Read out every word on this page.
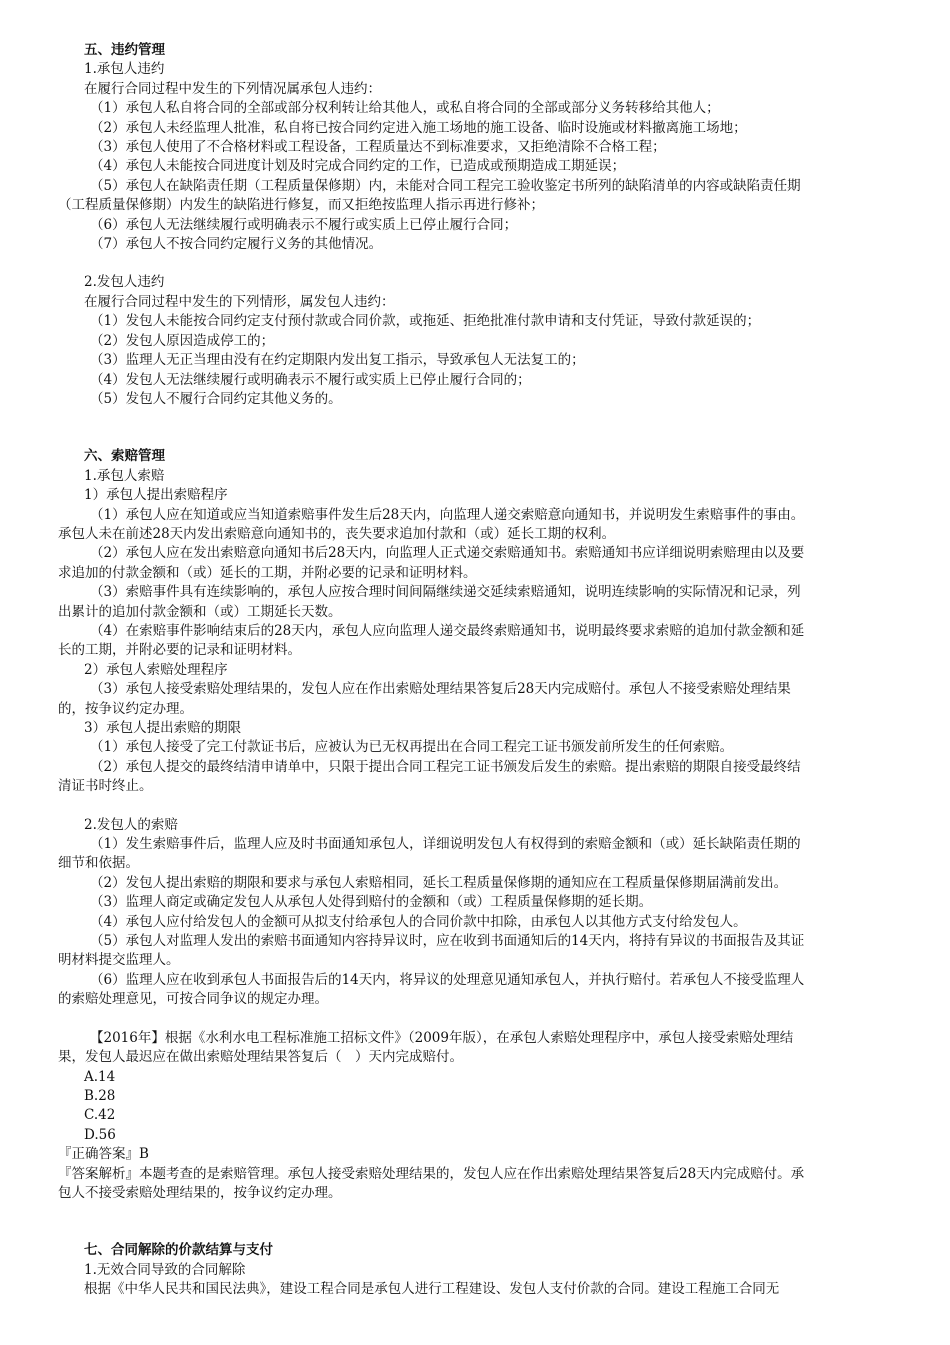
五、违约管理

1.承包人违约

在履行合同过程中发生的下列情况属承包人违约：

（1）承包人私自将合同的全部或部分权利转让给其他人，或私自将合同的全部或部分义务转移给其他人；

（2）承包人未经监理人批准，私自将已按合同约定进入施工场地的施工设备、临时设施或材料撤离施工场地；

（3）承包人使用了不合格材料或工程设备，工程质量达不到标准要求，又拒绝清除不合格工程；

（4）承包人未能按合同进度计划及时完成合同约定的工作，已造成或预期造成工期延误；

（5）承包人在缺陷责任期（工程质量保修期）内，未能对合同工程完工验收鉴定书所列的缺陷清单的内容或缺陷责任期

（工程质量保修期）内发生的缺陷进行修复，而又拒绝按监理人指示再进行修补；

（6）承包人无法继续履行或明确表示不履行或实质上已停止履行合同；

（7）承包人不按合同约定履行义务的其他情况。

2.发包人违约

在履行合同过程中发生的下列情形，属发包人违约：

（1）发包人未能按合同约定支付预付款或合同价款，或拖延、拒绝批准付款申请和支付凭证，导致付款延误的；

（2）发包人原因造成停工的；

（3）监理人无正当理由没有在约定期限内发出复工指示，导致承包人无法复工的；

（4）发包人无法继续履行或明确表示不履行或实质上已停止履行合同的；

（5）发包人不履行合同约定其他义务的。

六、索赔管理

1.承包人索赔

1）承包人提出索赔程序

（1）承包人应在知道或应当知道索赔事件发生后28天内，向监理人递交索赔意向通知书，并说明发生索赔事件的事由。

承包人未在前述28天内发出索赔意向通知书的，丧失要求追加付款和（或）延长工期的权利。

（2）承包人应在发出索赔意向通知书后28天内，向监理人正式递交索赔通知书。索赔通知书应详细说明索赔理由以及要

求追加的付款金额和（或）延长的工期，并附必要的记录和证明材料。

（3）索赔事件具有连续影响的，承包人应按合理时间间隔继续递交延续索赔通知，说明连续影响的实际情况和记录，列

出累计的追加付款金额和（或）工期延长天数。

（4）在索赔事件影响结束后的28天内，承包人应向监理人递交最终索赔通知书，说明最终要求索赔的追加付款金额和延

长的工期，并附必要的记录和证明材料。

2）承包人索赔处理程序

（3）承包人接受索赔处理结果的，发包人应在作出索赔处理结果答复后28天内完成赔付。承包人不接受索赔处理结果

的，按争议约定办理。

3）承包人提出索赔的期限

（1）承包人接受了完工付款证书后，应被认为已无权再提出在合同工程完工证书颁发前所发生的任何索赔。

（2）承包人提交的最终结清申请单中，只限于提出合同工程完工证书颁发后发生的索赔。提出索赔的期限自接受最终结

清证书时终止。

2.发包人的索赔

（1）发生索赔事件后，监理人应及时书面通知承包人，详细说明发包人有权得到的索赔金额和（或）延长缺陷责任期的

细节和依据。

（2）发包人提出索赔的期限和要求与承包人索赔相同，延长工程质量保修期的通知应在工程质量保修期届满前发出。

（3）监理人商定或确定发包人从承包人处得到赔付的金额和（或）工程质量保修期的延长期。

（4）承包人应付给发包人的金额可从拟支付给承包人的合同价款中扣除，由承包人以其他方式支付给发包人。

（5）承包人对监理人发出的索赔书面通知内容持异议时，应在收到书面通知后的14天内，将持有异议的书面报告及其证

明材料提交监理人。

（6）监理人应在收到承包人书面报告后的14天内，将异议的处理意见通知承包人，并执行赔付。若承包人不接受监理人

的索赔处理意见，可按合同争议的规定办理。

【2016年】根据《水利水电工程标准施工招标文件》（2009年版），在承包人索赔处理程序中，承包人接受索赔处理结

果，发包人最迟应在做出索赔处理结果答复后（　）天内完成赔付。

A.14

B.28

C.42

D.56

『正确答案』B

『答案解析』本题考查的是索赔管理。承包人接受索赔处理结果的，发包人应在作出索赔处理结果答复后28天内完成赔付。承

包人不接受索赔处理结果的，按争议约定办理。

七、合同解除的价款结算与支付

1.无效合同导致的合同解除

根据《中华人民共和国民法典》，建设工程合同是承包人进行工程建设、发包人支付价款的合同。建设工程施工合同无
